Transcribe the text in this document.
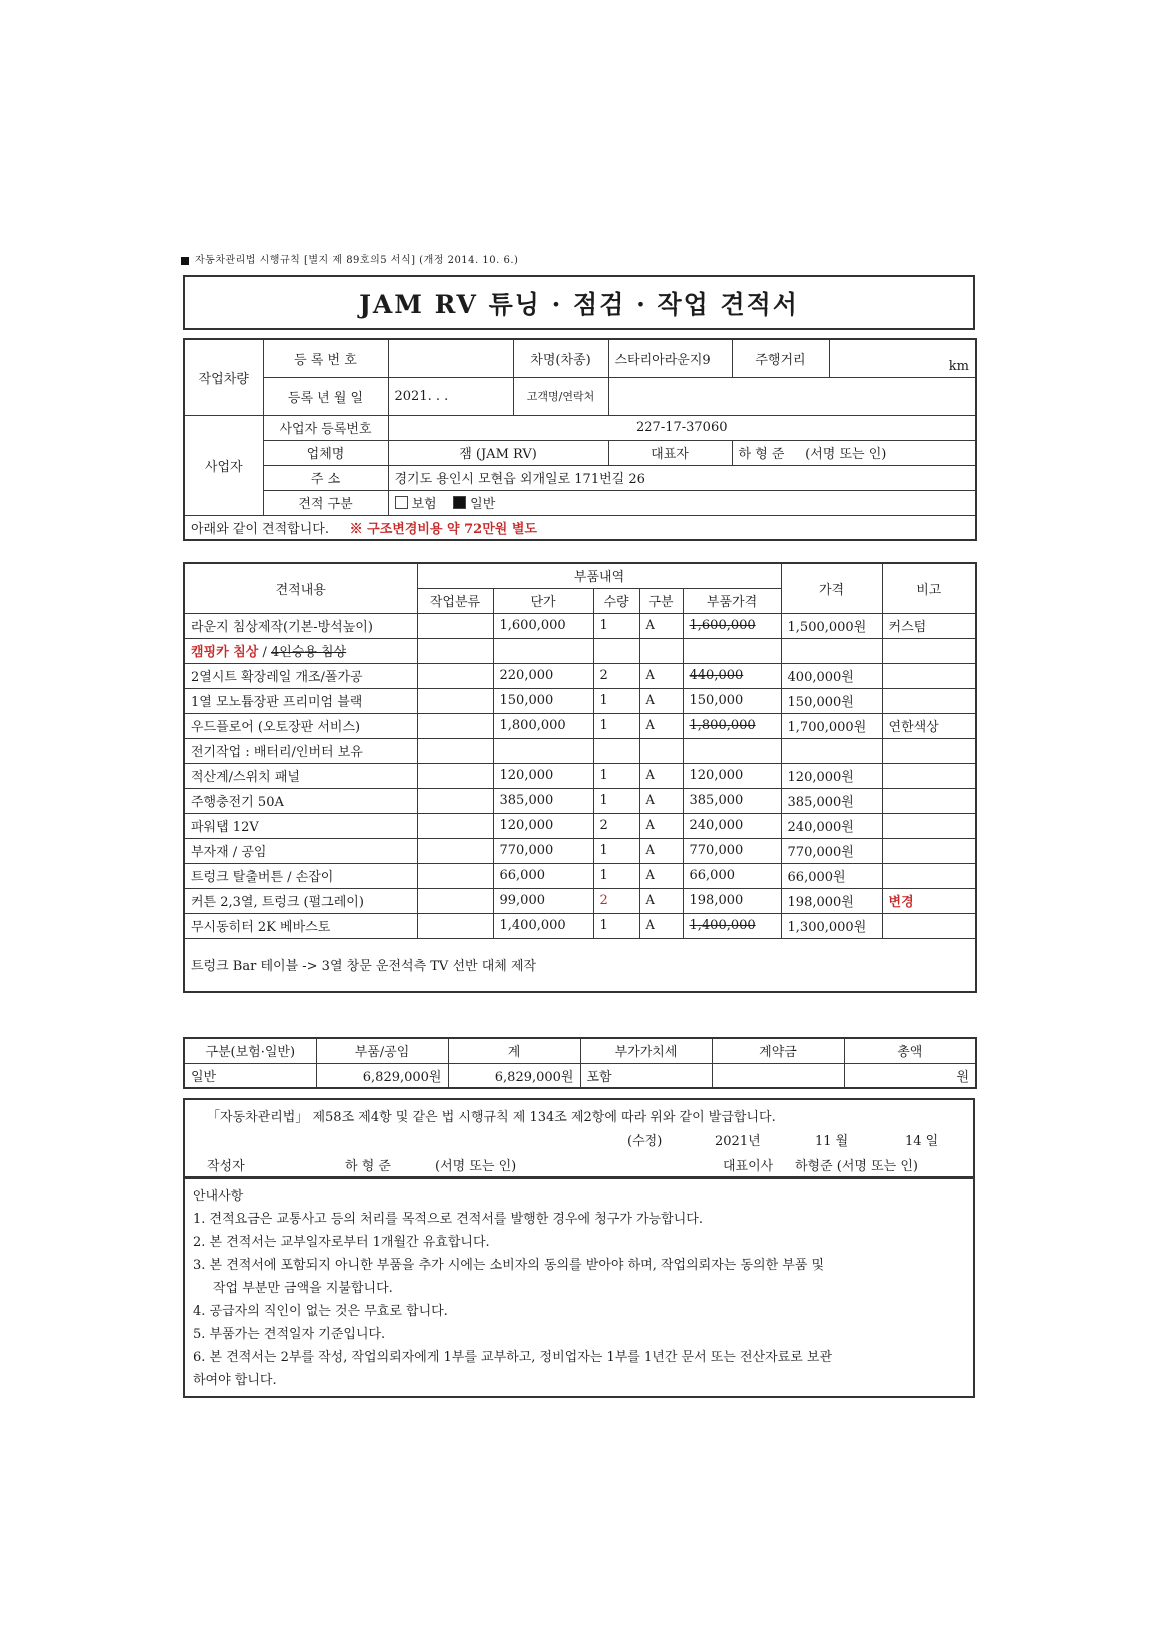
자동차관리법 시행규칙 [별지 제 89호의5 서식] (개정 2014. 10. 6.)
JAM RV 튜닝 · 점검 · 작업 견적서
작업차량	등 록 번 호		차명(차종)	스타리아라운지9	주행거리	km
	등록 년 월 일	2021. . .	고객명/연락처			
사업자	사업자 등록번호	227-17-37060				
	업체명	잼 (JAM RV)		대표자	하 형 준 (서명 또는 인)	
	주 소	경기도 용인시 모현읍 외개일로 171번길 26				
	견적 구분	보험 일반				
아래와 같이 견적합니다. ※ 구조변경비용 약 72만원 별도						
견적내용	부품내역					가격	비고
	작업분류	단가	수량	구분	부품가격		
라운지 침상제작(기본-방석높이)		1,600,000	1	A	1,600,000	1,500,000원	커스텀
캠핑카 침상 / 4인승용 침상							
2열시트 확장레일 개조/폴가공		220,000	2	A	440,000	400,000원	
1열 모노튬장판 프리미엄 블랙		150,000	1	A	150,000	150,000원	
우드플로어 (오토장판 서비스)		1,800,000	1	A	1,800,000	1,700,000원	연한색상
전기작업 : 배터리/인버터 보유							
적산계/스위치 패널		120,000	1	A	120,000	120,000원	
주행충전기 50A		385,000	1	A	385,000	385,000원	
파워탭 12V		120,000	2	A	240,000	240,000원	
부자재 / 공임		770,000	1	A	770,000	770,000원	
트렁크 탈출버튼 / 손잡이		66,000	1	A	66,000	66,000원	
커튼 2,3열, 트렁크 (펄그레이)		99,000	2	A	198,000	198,000원	변경
무시동히터 2K 베바스토		1,400,000	1	A	1,400,000	1,300,000원	
트렁크 Bar 테이블 -> 3열 창문 운전석측 TV 선반 대체 제작							
구분(보험·일반)	부품/공임	계	부가가치세	계약금	총액
일반	6,829,000원	6,829,000원	포함		원
「자동차관리법」 제58조 제4항 및 같은 법 시행규칙 제 134조 제2항에 따라 위와 같이 발급합니다.
(수정)	2021년	11 월	14 일
작성자	하 형 준	(서명 또는 인)	대표이사 하형준 (서명 또는 인)
안내사항
1. 견적요금은 교통사고 등의 처리를 목적으로 견적서를 발행한 경우에 청구가 가능합니다.
2. 본 견적서는 교부일자로부터 1개월간 유효합니다.
3. 본 견적서에 포함되지 아니한 부품을 추가 시에는 소비자의 동의를 받아야 하며, 작업의뢰자는 동의한 부품 및
작업 부분만 금액을 지불합니다.
4. 공급자의 직인이 없는 것은 무효로 합니다.
5. 부품가는 견적일자 기준입니다.
6. 본 견적서는 2부를 작성, 작업의뢰자에게 1부를 교부하고, 정비업자는 1부를 1년간 문서 또는 전산자료로 보관
하여야 합니다.
